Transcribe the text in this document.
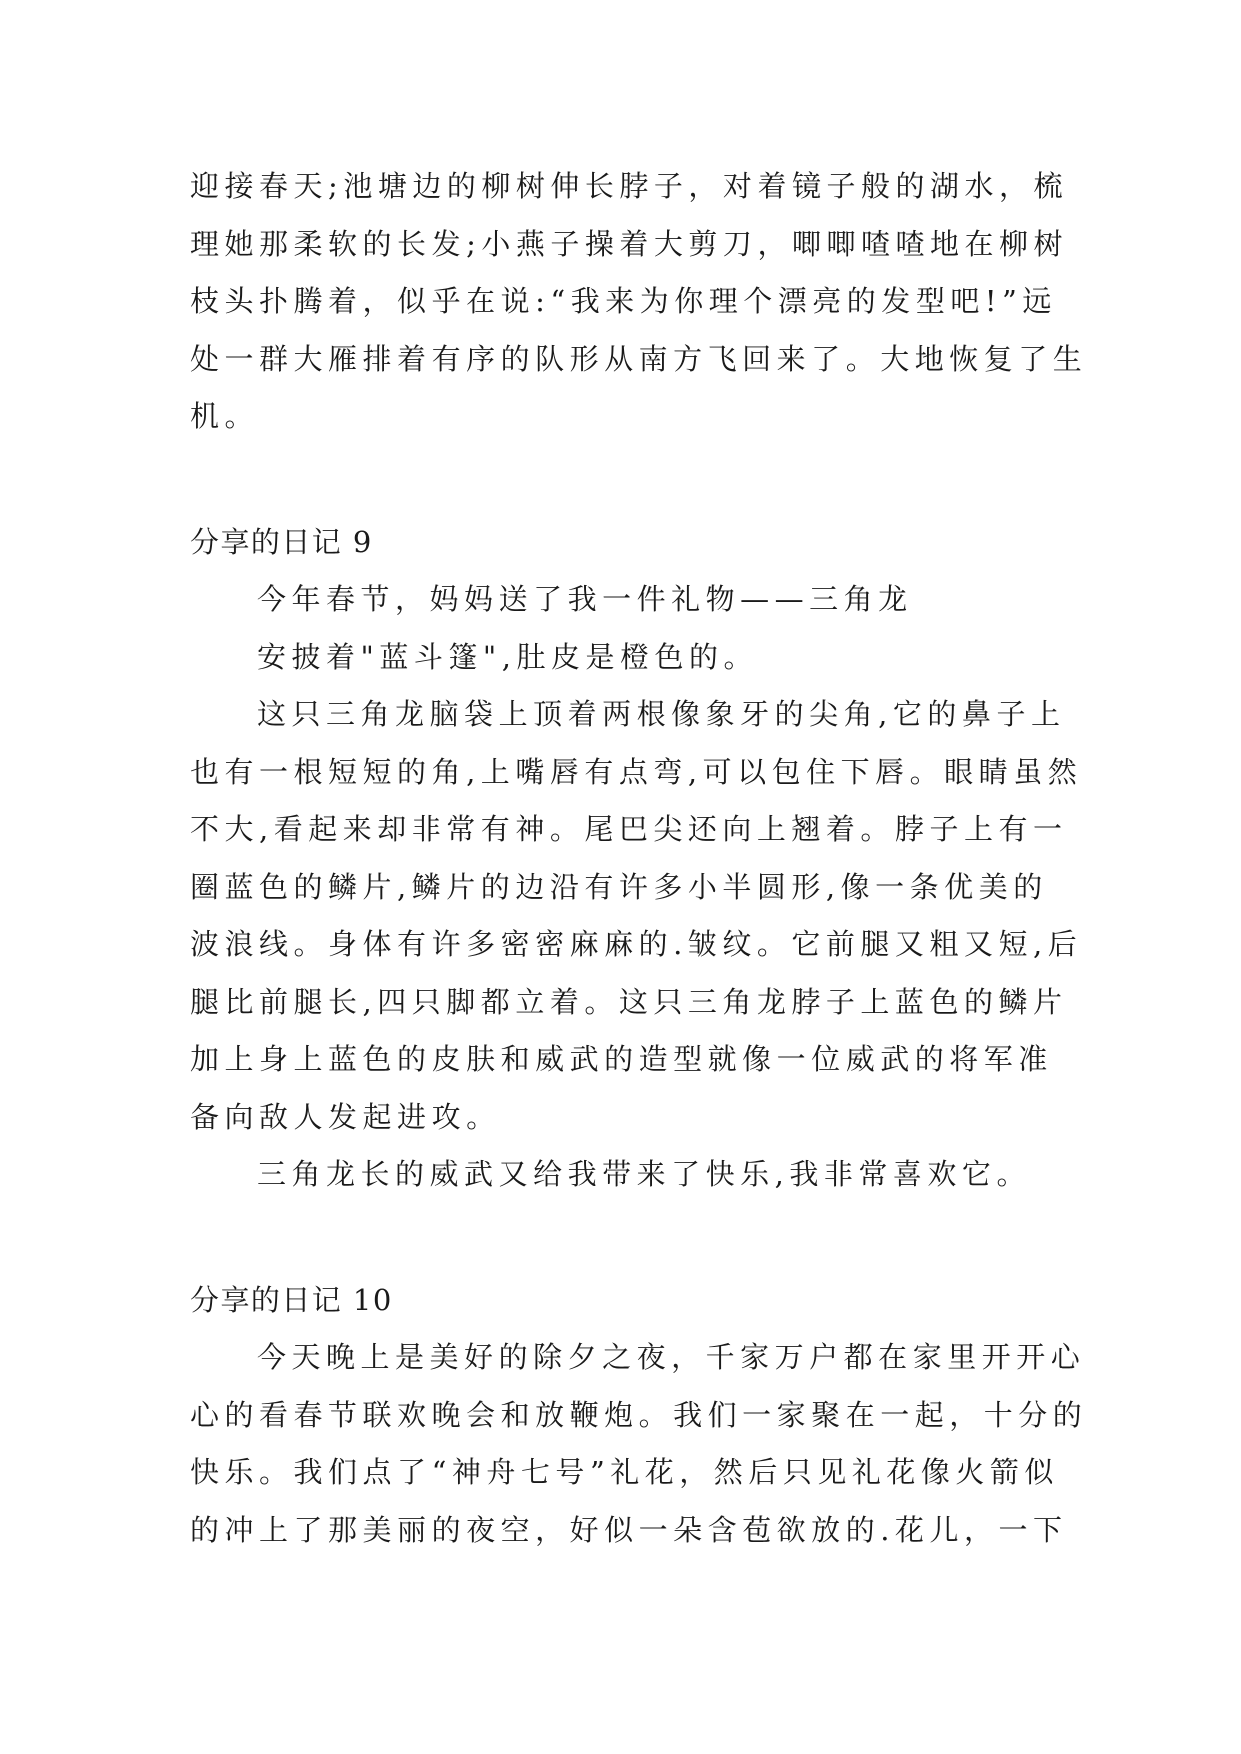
迎接春天;池塘边的柳树伸长脖子，对着镜子般的湖水，梳
理她那柔软的长发;小燕子操着大剪刀，唧唧喳喳地在柳树
枝头扑腾着，似乎在说:“我来为你理个漂亮的发型吧!”远
处一群大雁排着有序的队形从南方飞回来了。大地恢复了生
机。
分享的日记 9
今年春节，妈妈送了我一件礼物——三角龙
安披着"蓝斗篷",肚皮是橙色的。
这只三角龙脑袋上顶着两根像象牙的尖角,它的鼻子上
也有一根短短的角,上嘴唇有点弯,可以包住下唇。眼睛虽然
不大,看起来却非常有神。尾巴尖还向上翘着。脖子上有一
圈蓝色的鳞片,鳞片的边沿有许多小半圆形,像一条优美的
波浪线。身体有许多密密麻麻的.皱纹。它前腿又粗又短,后
腿比前腿长,四只脚都立着。这只三角龙脖子上蓝色的鳞片
加上身上蓝色的皮肤和威武的造型就像一位威武的将军准
备向敌人发起进攻。
三角龙长的威武又给我带来了快乐,我非常喜欢它。
分享的日记 10
今天晚上是美好的除夕之夜，千家万户都在家里开开心
心的看春节联欢晚会和放鞭炮。我们一家聚在一起，十分的
快乐。我们点了“神舟七号”礼花，然后只见礼花像火箭似
的冲上了那美丽的夜空，好似一朵含苞欲放的.花儿，一下
